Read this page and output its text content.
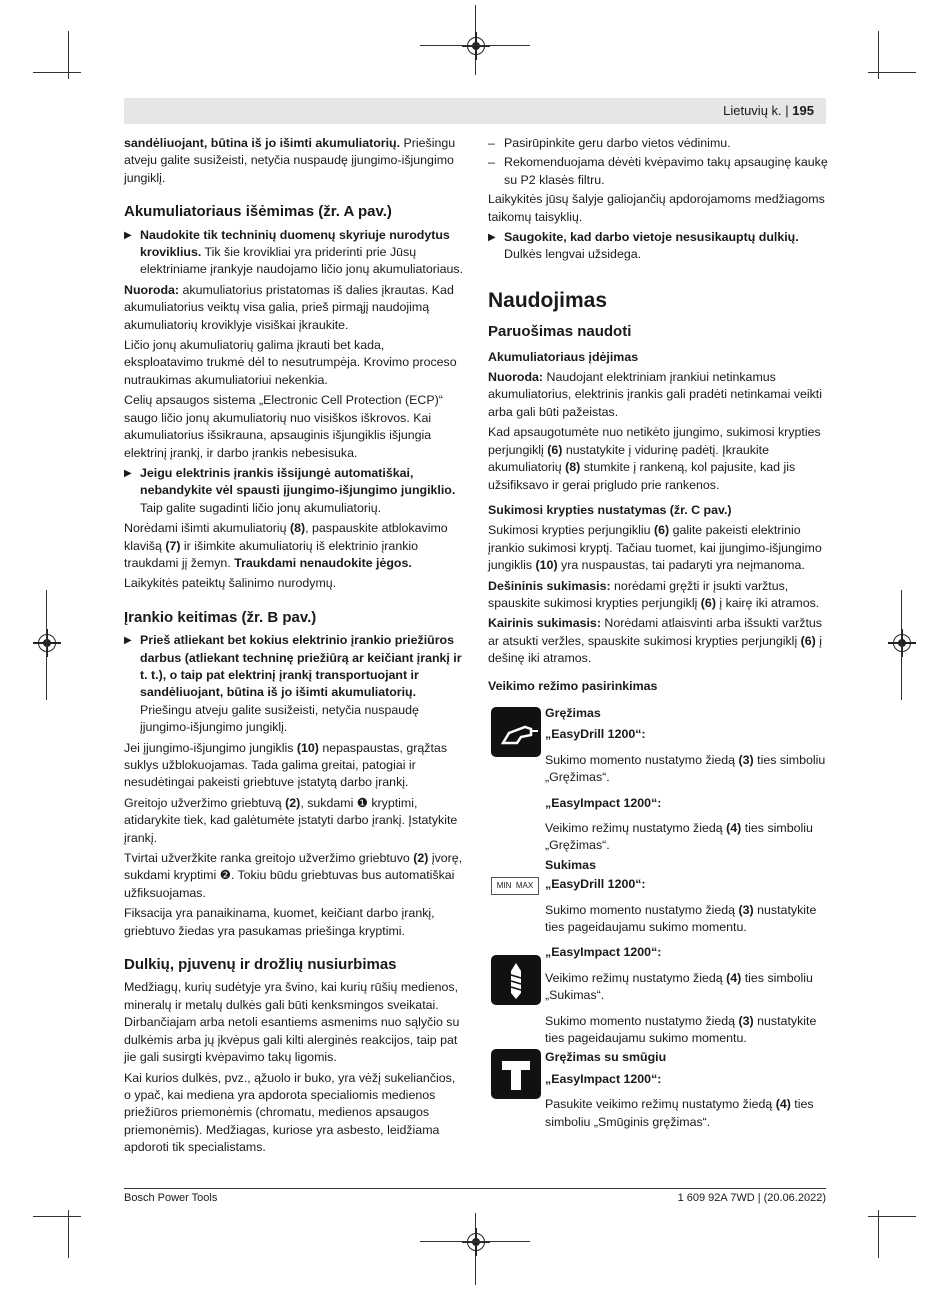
Lietuvių k. | 195

sandėliuojant, būtina iš jo išimti akumuliatorių. Priešingu atveju galite susižeisti, netyčia nuspaudę įjungimo-išjungimo jungiklį.

Akumuliatoriaus išėmimas (žr. A pav.)
▶ Naudokite tik techninių duomenų skyriuje nurodytus kroviklius. Tik šie krovikliai yra priderinti prie Jūsų elektriniame įrankyje naudojamo ličio jonų akumuliatoriaus.

Nuoroda: akumuliatorius pristatomas iš dalies įkrautas. Kad akumuliatorius veiktų visa galia, prieš pirmąjį naudojimą akumuliatorių kroviklyje visiškai įkraukite.

Ličio jonų akumuliatorių galima įkrauti bet kada, eksploatavimo trukmė dėl to nesutrumpėja. Krovimo proceso nutraukimas akumuliatoriui nekenkia.

Celių apsaugos sistema „Electronic Cell Protection (ECP)“ saugo ličio jonų akumuliatorių nuo visiškos iškrovos. Kai akumuliatorius išsikrauna, apsauginis išjungiklis išjungia elektrinį įrankį, ir darbo įrankis nebesisuka.

▶ Jeigu elektrinis įrankis išsijungė automatiškai, nebandykite vėl spausti įjungimo-išjungimo jungiklio. Taip galite sugadinti ličio jonų akumuliatorių.

Norėdami išimti akumuliatorių (8), paspauskite atblokavimo klavišą (7) ir išimkite akumuliatorių iš elektrinio įrankio traukdami jį žemyn. Traukdami nenaudokite jėgos.

Laikykitės pateiktų šalinimo nurodymų.

Įrankio keitimas (žr. B pav.)
▶ Prieš atliekant bet kokius elektrinio įrankio priežiūros darbus (atliekant techninę priežiūrą ar keičiant įrankį ir t. t.), o taip pat elektrinį įrankį transportuojant ir sandėliuojant, būtina iš jo išimti akumuliatorių. Priešingu atveju galite susižeisti, netyčia nuspaudę įjungimo-išjungimo jungiklį.

Jei įjungimo-išjungimo jungiklis (10) nepaspaustas, grąžtas suklys užblokuojamas. Tada galima greitai, patogiai ir nesudėtingai pakeisti griebtuve įstatytą darbo įrankį.

Greitojo užveržimo griebtuvą (2), sukdami ❶ kryptimi, atidarykite tiek, kad galėtumėte įstatyti darbo įrankį. Įstatykite įrankį.

Tvirtai užveržkite ranka greitojo užveržimo griebtuvo (2) įvorę, sukdami kryptimi ❷. Tokiu būdu griebtuvas bus automatiškai užfiksuojamas.

Fiksacija yra panaikinama, kuomet, keičiant darbo įrankį, griebtuvo žiedas yra pasukamas priešinga kryptimi.

Dulkių, pjuvenų ir drožlių nusiurbimas

Medžiagų, kurių sudėtyje yra švino, kai kurių rūšių medienos, mineralų ir metalų dulkės gali būti kenksmingos sveikatai. Dirbančiajam arba netoli esantiems asmenims nuo sąlyčio su dulkėmis arba jų įkvėpus gali kilti alerginės reakcijos, taip pat jie gali susirgti kvėpavimo takų ligomis.

Kai kurios dulkės, pvz., ąžuolo ir buko, yra vėžį sukeliančios, o ypač, kai mediena yra apdorota specialiomis medienos priežiūros priemonėmis (chromatu, medienos apsaugos priemonėmis). Medžiagas, kuriose yra asbesto, leidžiama apdoroti tik specialistams.

– Pasirūpinkite geru darbo vietos vėdinimu.
– Rekomenduojama dėvėti kvėpavimo takų apsauginę kaukę su P2 klasės filtru.

Laikykitės jūsų šalyje galiojančių apdorojamoms medžiagoms taikomų taisyklių.

▶ Saugokite, kad darbo vietoje nesusikauptų dulkių. Dulkės lengvai užsidega.
Naudojimas
Paruošimas naudoti
Akumuliatoriaus įdėjimas

Nuoroda: Naudojant elektriniam įrankiui netinkamus akumuliatorius, elektrinis įrankis gali pradėti netinkamai veikti arba gali būti pažeistas.

Kad apsaugotumėte nuo netikėto įjungimo, sukimosi krypties perjungiklį (6) nustatykite į vidurinę padėtį. Įkraukite akumuliatorių (8) stumkite į rankeną, kol pajusite, kad jis užsifiksavo ir gerai prigludo prie rankenos.

Sukimosi krypties nustatymas (žr. C pav.)

Sukimosi krypties perjungikliu (6) galite pakeisti elektrinio įrankio sukimosi kryptį. Tačiau tuomet, kai įjungimo-išjungimo jungiklis (10) yra nuspaustas, tai padaryti yra neįmanoma.

Dešininis sukimasis: norėdami gręžti ir įsukti varžtus, spauskite sukimosi krypties perjungiklį (6) į kairę iki atramos.

Kairinis sukimasis: Norėdami atlaisvinti arba išsukti varžtus ar atsukti veržles, spauskite sukimosi krypties perjungiklį (6) į dešinę iki atramos.

Veikimo režimo pasirinkimas

Gręžimas

„EasyDrill 1200“:

Sukimo momento nustatymo žiedą (3) ties simboliu „Gręžimas“.

„EasyImpact 1200“:

Veikimo režimų nustatymo žiedą (4) ties simboliu „Gręžimas“.

Sukimas

MIN MAX „EasyDrill 1200“:

Sukimo momento nustatymo žiedą (3) nustatykite ties pageidaujamu sukimo momentu.

„EasyImpact 1200“:

Veikimo režimų nustatymo žiedą (4) ties simboliu „Sukimas“.

Sukimo momento nustatymo žiedą (3) nustatykite ties pageidaujamu sukimo momentu.

Gręžimas su smūgiu

„EasyImpact 1200“:

Pasukite veikimo režimų nustatymo žiedą (4) ties simboliu „Smūginis gręžimas“.

Bosch Power Tools	1 609 92A 7WD | (20.06.2022)
